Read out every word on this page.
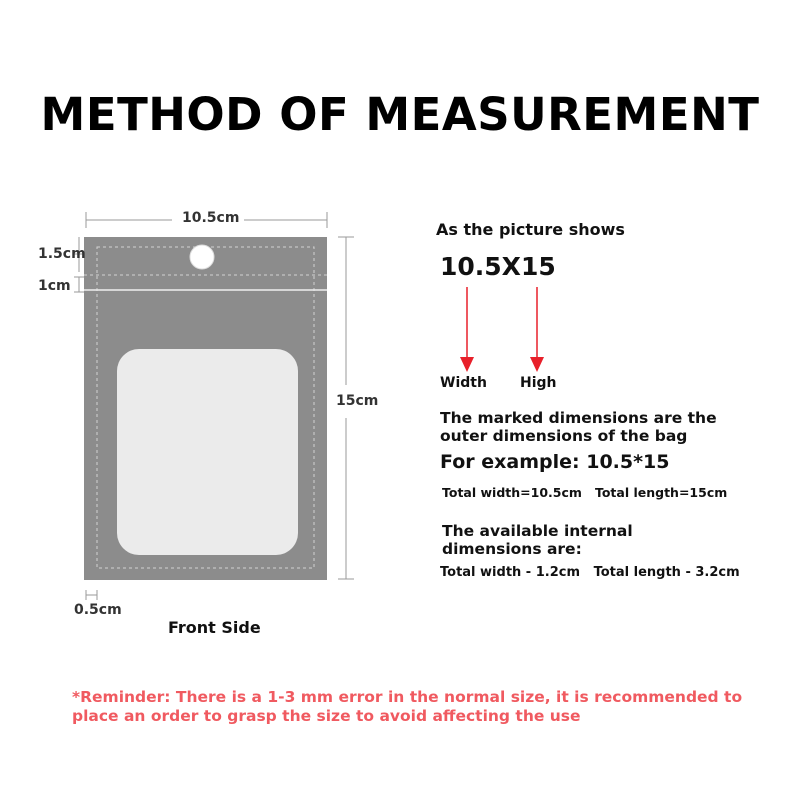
METHOD OF MEASUREMENT
10.5cm
15cm
1.5cm
1cm
0.5cm
Front Side
As the picture shows
10.5X15
Width High
The marked dimensions are the
outer dimensions of the bag
For example: 10.5*15
Total width=10.5cm   Total length=15cm
The available internal
dimensions are:
Total width - 1.2cm   Total length - 3.2cm
*Reminder: There is a 1-3 mm error in the normal size, it is recommended to place an order to grasp the size to avoid affecting the use
